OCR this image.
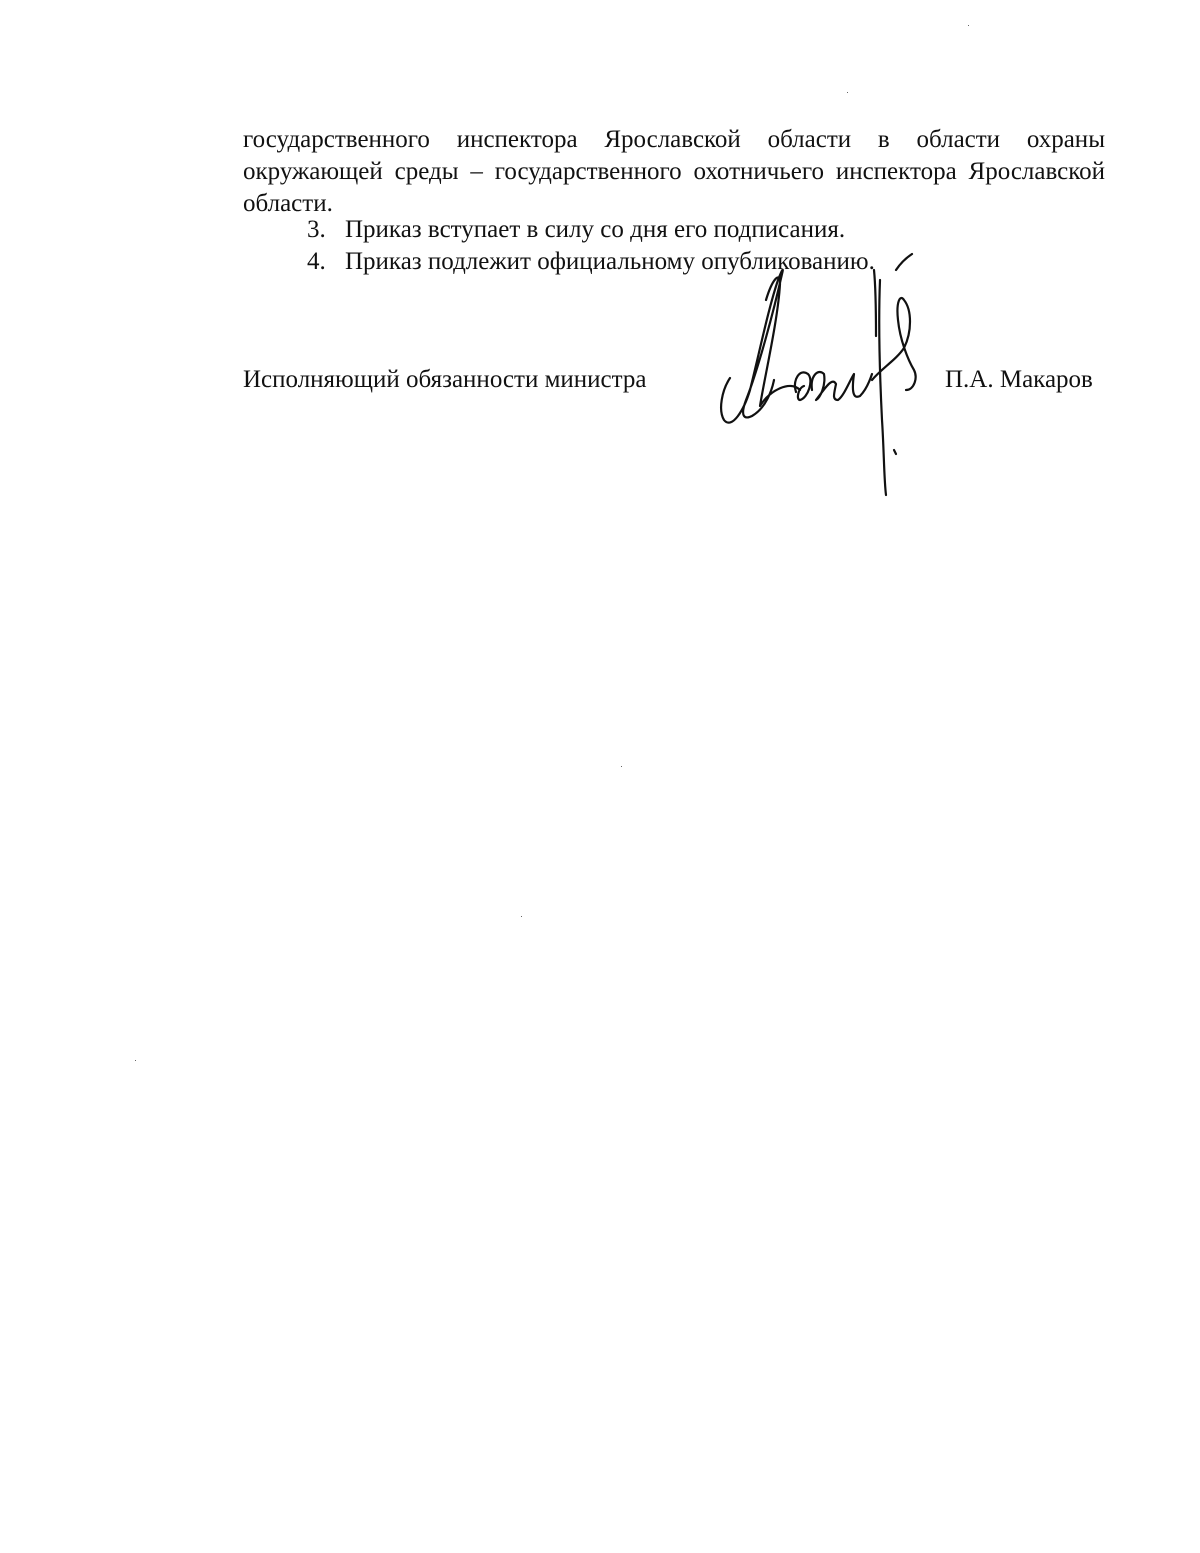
государственного инспектора Ярославской области в области охраны окружающей среды – государственного охотничьего инспектора Ярославской области.

3. Приказ вступает в силу со дня его подписания.

4. Приказ подлежит официальному опубликованию.

Исполняющий обязанности министра	П.А. Макаров
